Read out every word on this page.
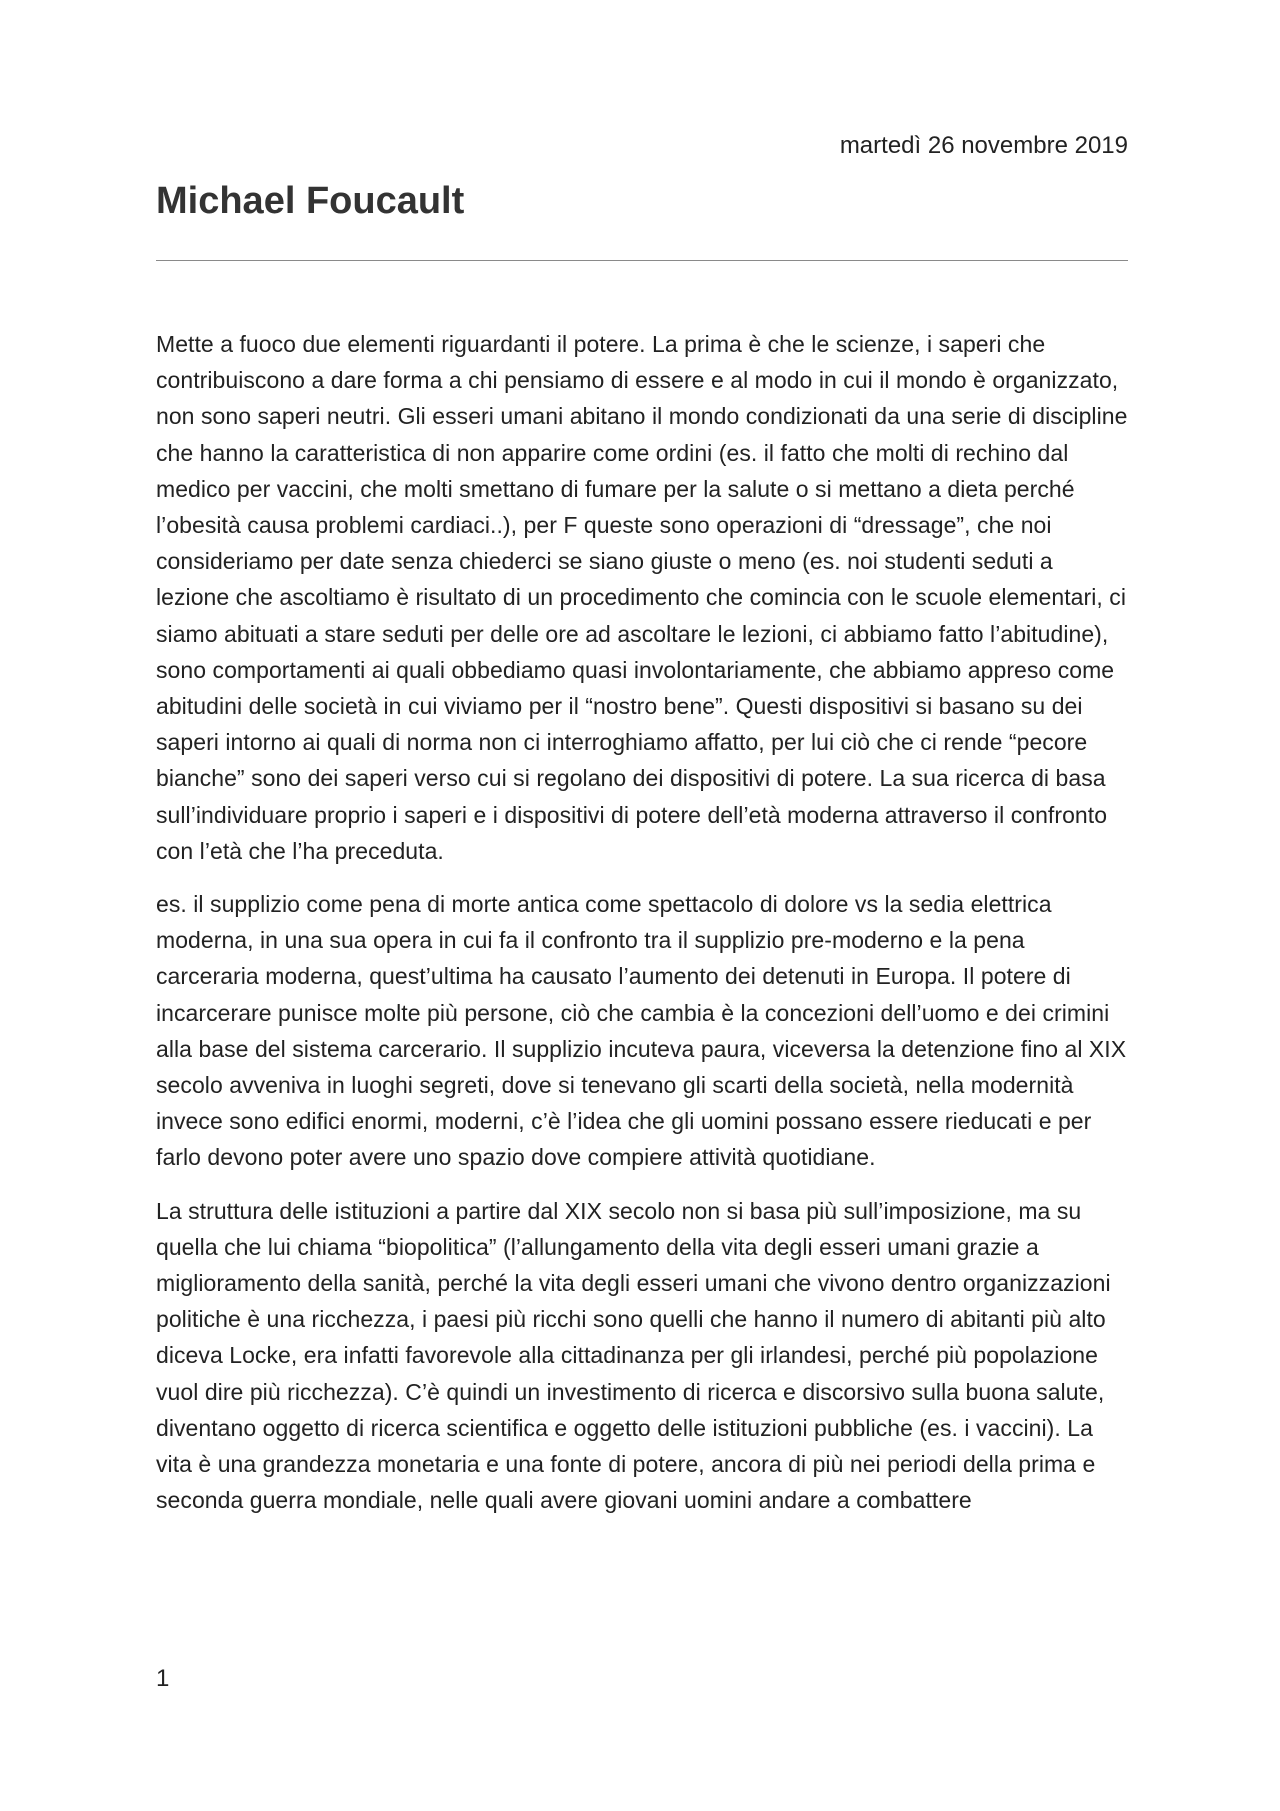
martedì 26 novembre 2019
Michael Foucault

Mette a fuoco due elementi riguardanti il potere. La prima è che le scienze, i saperi che contribuiscono a dare forma a chi pensiamo di essere e al modo in cui il mondo è organizzato, non sono saperi neutri. Gli esseri umani abitano il mondo condizionati da una serie di discipline che hanno la caratteristica di non apparire come ordini (es. il fatto che molti di rechino dal medico per vaccini, che molti smettano di fumare per la salute o si mettano a dieta perché l’obesità causa problemi cardiaci..), per F queste sono operazioni di “dressage”, che noi consideriamo per date senza chiederci se siano giuste o meno (es. noi studenti seduti a lezione che ascoltiamo è risultato di un procedimento che comincia con le scuole elementari, ci siamo abituati a stare seduti per delle ore ad ascoltare le lezioni, ci abbiamo fatto l’abitudine), sono comportamenti ai quali obbediamo quasi involontariamente, che abbiamo appreso come abitudini delle società in cui viviamo per il “nostro bene”. Questi dispositivi si basano su dei saperi intorno ai quali di norma non ci interroghiamo affatto, per lui ciò che ci rende “pecore bianche” sono dei saperi verso cui si regolano dei dispositivi di potere. La sua ricerca di basa sull’individuare proprio i saperi e i dispositivi di potere dell’età moderna attraverso il confronto con l’età che l’ha preceduta.

es. il supplizio come pena di morte antica come spettacolo di dolore vs la sedia elettrica moderna, in una sua opera in cui fa il confronto tra il supplizio pre-moderno e la pena carceraria moderna, quest’ultima ha causato l’aumento dei detenuti in Europa. Il potere di incarcerare punisce molte più persone, ciò che cambia è la concezioni dell’uomo e dei crimini alla base del sistema carcerario. Il supplizio incuteva paura, viceversa la detenzione fino al XIX secolo avveniva in luoghi segreti, dove si tenevano gli scarti della società, nella modernità invece sono edifici enormi, moderni, c’è l’idea che gli uomini possano essere rieducati e per farlo devono poter avere uno spazio dove compiere attività quotidiane.

La struttura delle istituzioni a partire dal XIX secolo non si basa più sull’imposizione, ma su quella che lui chiama “biopolitica” (l’allungamento della vita degli esseri umani grazie a miglioramento della sanità, perché la vita degli esseri umani che vivono dentro organizzazioni politiche è una ricchezza, i paesi più ricchi sono quelli che hanno il numero di abitanti più alto diceva Locke, era infatti favorevole alla cittadinanza per gli irlandesi, perché più popolazione vuol dire più ricchezza). C’è quindi un investimento di ricerca e discorsivo sulla buona salute, diventano oggetto di ricerca scientifica e oggetto delle istituzioni pubbliche (es. i vaccini). La vita è una grandezza monetaria e una fonte di potere, ancora di più nei periodi della prima e seconda guerra mondiale, nelle quali avere giovani uomini andare a combattere

1
